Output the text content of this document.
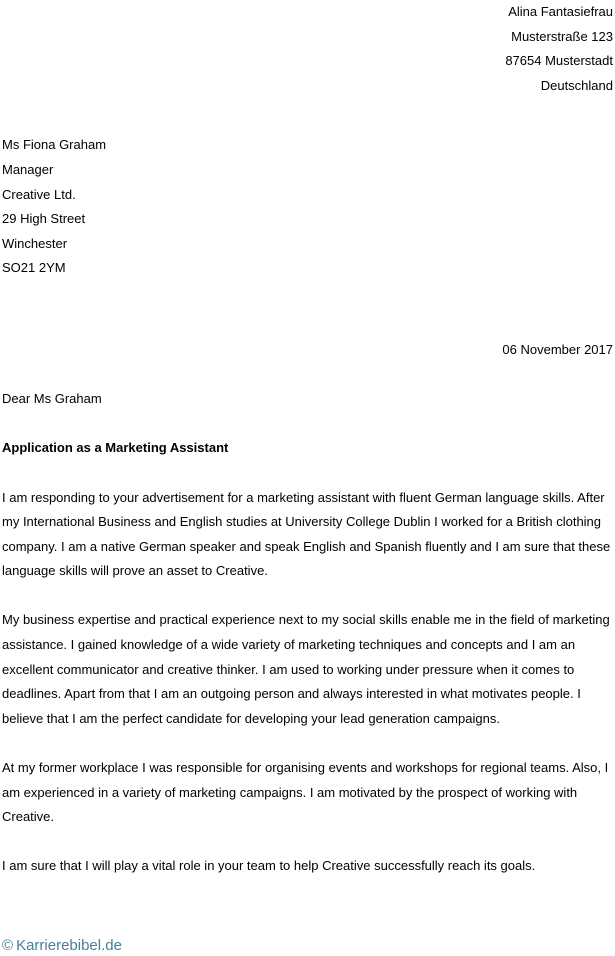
Alina Fantasiefrau
Musterstraße 123
87654 Musterstadt
Deutschland
Ms Fiona Graham
Manager
Creative Ltd.
29 High Street
Winchester
SO21 2YM
06 November 2017
Dear Ms Graham
Application as a Marketing Assistant

I am responding to your advertisement for a marketing assistant with fluent German language skills. After my International Business and English studies at University College Dublin I worked for a British clothing company. I am a native German speaker and speak English and Spanish fluently and I am sure that these language skills will prove an asset to Creative.

My business expertise and practical experience next to my social skills enable me in the field of marketing assistance. I gained knowledge of a wide variety of marketing techniques and concepts and I am an excellent communicator and creative thinker. I am used to working under pressure when it comes to deadlines. Apart from that I am an outgoing person and always interested in what motivates people. I believe that I am the perfect candidate for developing your lead generation campaigns.

At my former workplace I was responsible for organising events and workshops for regional teams. Also, I am experienced in a variety of marketing campaigns. I am motivated by the prospect of working with Creative.

I am sure that I will play a vital role in your team to help Creative successfully reach its goals.

© Karrierebibel.de
